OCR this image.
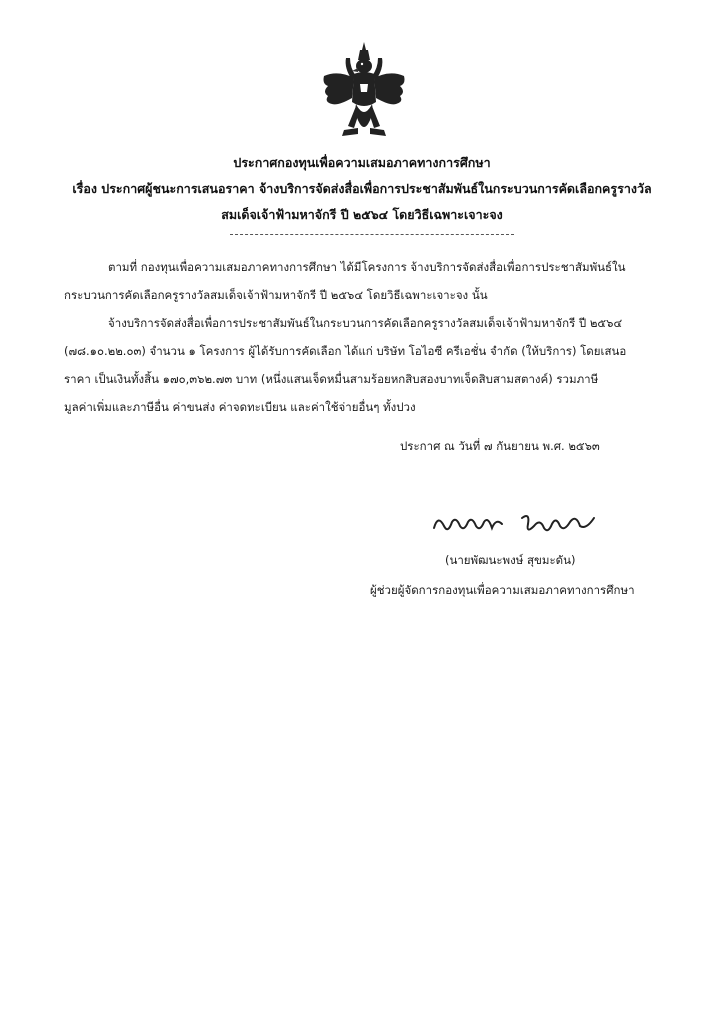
ประกาศกองทุนเพื่อความเสมอภาคทางการศึกษา
เรื่อง ประกาศผู้ชนะการเสนอราคา จ้างบริการจัดส่งสื่อเพื่อการประชาสัมพันธ์ในกระบวนการคัดเลือกครูรางวัล
สมเด็จเจ้าฟ้ามหาจักรี ปี ๒๕๖๔ โดยวิธีเฉพาะเจาะจง
ตามที่ กองทุนเพื่อความเสมอภาคทางการศึกษา ได้มีโครงการ จ้างบริการจัดส่งสื่อเพื่อการประชาสัมพันธ์ใน
กระบวนการคัดเลือกครูรางวัลสมเด็จเจ้าฟ้ามหาจักรี ปี ๒๕๖๔ โดยวิธีเฉพาะเจาะจง นั้น
จ้างบริการจัดส่งสื่อเพื่อการประชาสัมพันธ์ในกระบวนการคัดเลือกครูรางวัลสมเด็จเจ้าฟ้ามหาจักรี ปี ๒๕๖๔
(๗๘.๑๐.๒๒.๐๓) จำนวน ๑ โครงการ ผู้ได้รับการคัดเลือก ได้แก่ บริษัท โอไอซี ครีเอชั่น จำกัด (ให้บริการ) โดยเสนอ
ราคา เป็นเงินทั้งสิ้น ๑๗๐,๓๖๒.๗๓ บาท (หนึ่งแสนเจ็ดหมื่นสามร้อยหกสิบสองบาทเจ็ดสิบสามสตางค์) รวมภาษี
มูลค่าเพิ่มและภาษีอื่น ค่าขนส่ง ค่าจดทะเบียน และค่าใช้จ่ายอื่นๆ ทั้งปวง
ประกาศ ณ วันที่ ๗ กันยายน พ.ศ. ๒๕๖๓
(นายพัฒนะพงษ์ สุขมะดัน)
ผู้ช่วยผู้จัดการกองทุนเพื่อความเสมอภาคทางการศึกษา
